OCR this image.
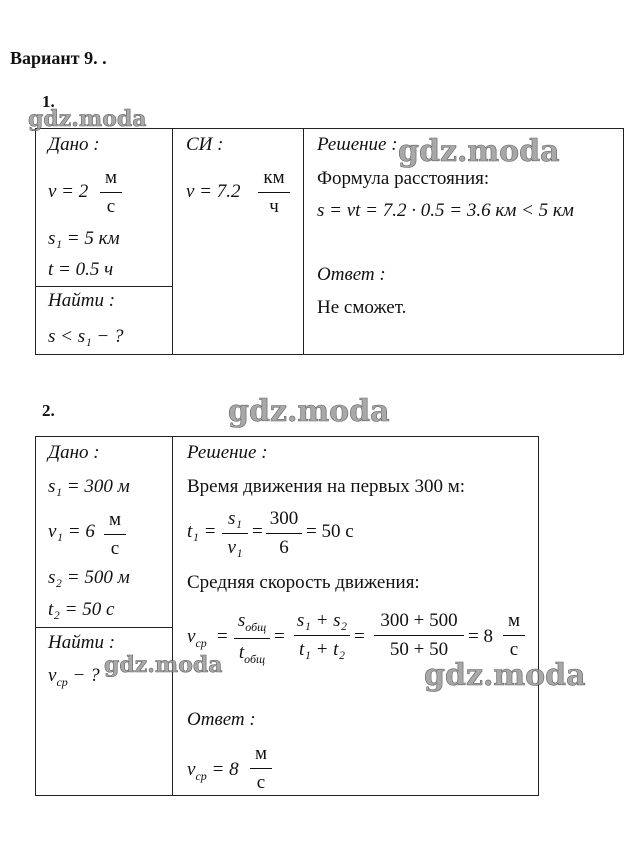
Вариант 9. .
1.
Дано :
v = 2
м
с
s₁ = 5 км
t = 0.5 ч
Найти :
s < s₁ − ?
СИ :
v = 7.2
км
ч
Решение :
Формула расстояния:
s = vt = 7.2 · 0.5 = 3.6 км < 5 км
Ответ :
Не сможет.
2.
Дано :
s₁ = 300 м
v₁ = 6
м
с
s₂ = 500 м
t₂ = 50 с
Найти :
$v_{ср}$ − ?
Решение :
Время движения на первых 300 м:
t₁ =
s₁
v₁
=
300
6
= 50 с
Средняя скорость движения:
$v_{ср}$ =
$s_{общ}$
$t_{общ}$
=
s₁ + s₂
t₁ + t₂
=
300 + 500
50 + 50
= 8
м
с
Ответ :
$v_{ср} = 8$
м
с
gdz.moda
gdz.moda
gdz.moda
gdz.moda	gdz.moda
